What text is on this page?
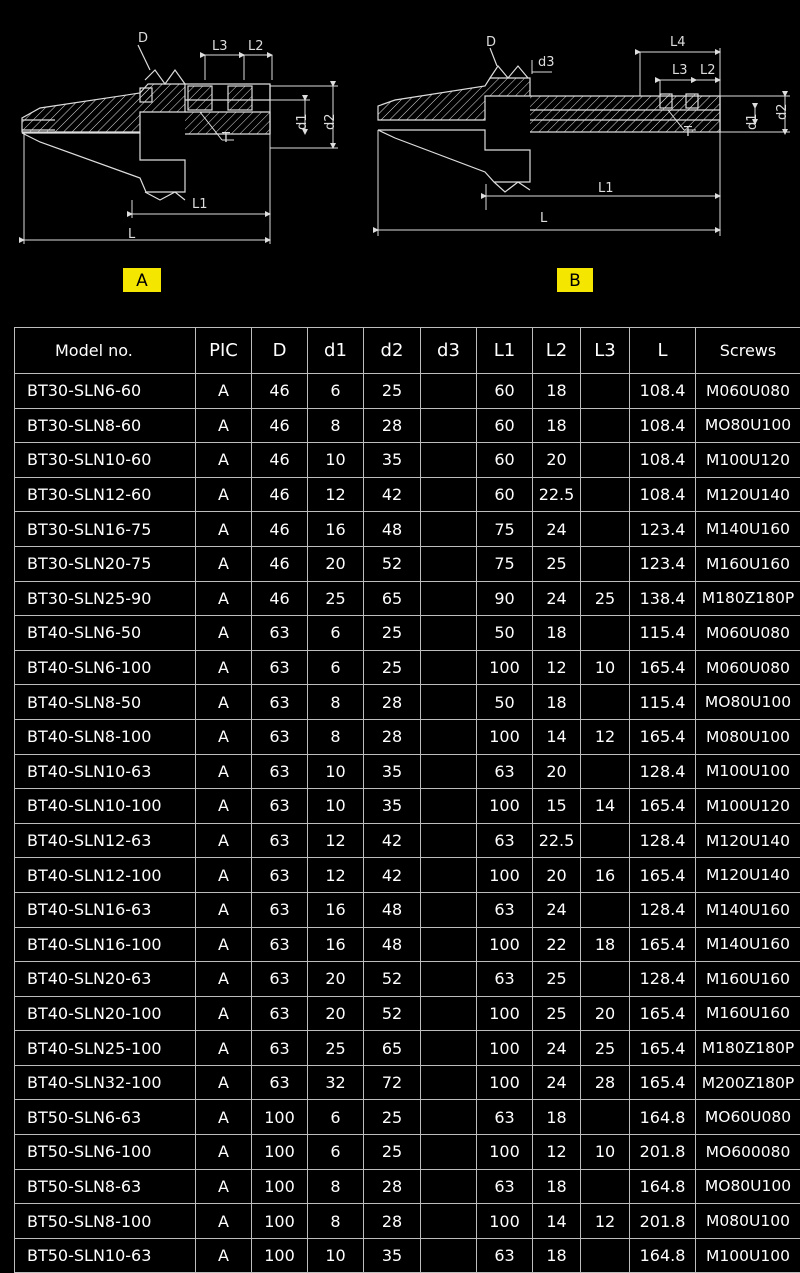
D
L3 L2
T
L1
L
d1 d2
A
D
d3
L4
L3 L2
T
L1
L
d1
d2
B
Model no.	PIC	D	d1	d2	d3	L1	L2	L3	L	Screws
BT30-SLN6-60	A	46	6	25		60	18		108.4	M060U080
BT30-SLN8-60	A	46	8	28		60	18		108.4	MO80U100
BT30-SLN10-60	A	46	10	35		60	20		108.4	M100U120
BT30-SLN12-60	A	46	12	42		60	22.5		108.4	M120U140
BT30-SLN16-75	A	46	16	48		75	24		123.4	M140U160
BT30-SLN20-75	A	46	20	52		75	25		123.4	M160U160
BT30-SLN25-90	A	46	25	65		90	24	25	138.4	M180Z180P
BT40-SLN6-50	A	63	6	25		50	18		115.4	M060U080
BT40-SLN6-100	A	63	6	25		100	12	10	165.4	M060U080
BT40-SLN8-50	A	63	8	28		50	18		115.4	MO80U100
BT40-SLN8-100	A	63	8	28		100	14	12	165.4	M080U100
BT40-SLN10-63	A	63	10	35		63	20		128.4	M100U100
BT40-SLN10-100	A	63	10	35		100	15	14	165.4	M100U120
BT40-SLN12-63	A	63	12	42		63	22.5		128.4	M120U140
BT40-SLN12-100	A	63	12	42		100	20	16	165.4	M120U140
BT40-SLN16-63	A	63	16	48		63	24		128.4	M140U160
BT40-SLN16-100	A	63	16	48		100	22	18	165.4	M140U160
BT40-SLN20-63	A	63	20	52		63	25		128.4	M160U160
BT40-SLN20-100	A	63	20	52		100	25	20	165.4	M160U160
BT40-SLN25-100	A	63	25	65		100	24	25	165.4	M180Z180P
BT40-SLN32-100	A	63	32	72		100	24	28	165.4	M200Z180P
BT50-SLN6-63	A	100	6	25		63	18		164.8	MO60U080
BT50-SLN6-100	A	100	6	25		100	12	10	201.8	MO600080
BT50-SLN8-63	A	100	8	28		63	18		164.8	MO80U100
BT50-SLN8-100	A	100	8	28		100	14	12	201.8	M080U100
BT50-SLN10-63	A	100	10	35		63	18		164.8	M100U100
